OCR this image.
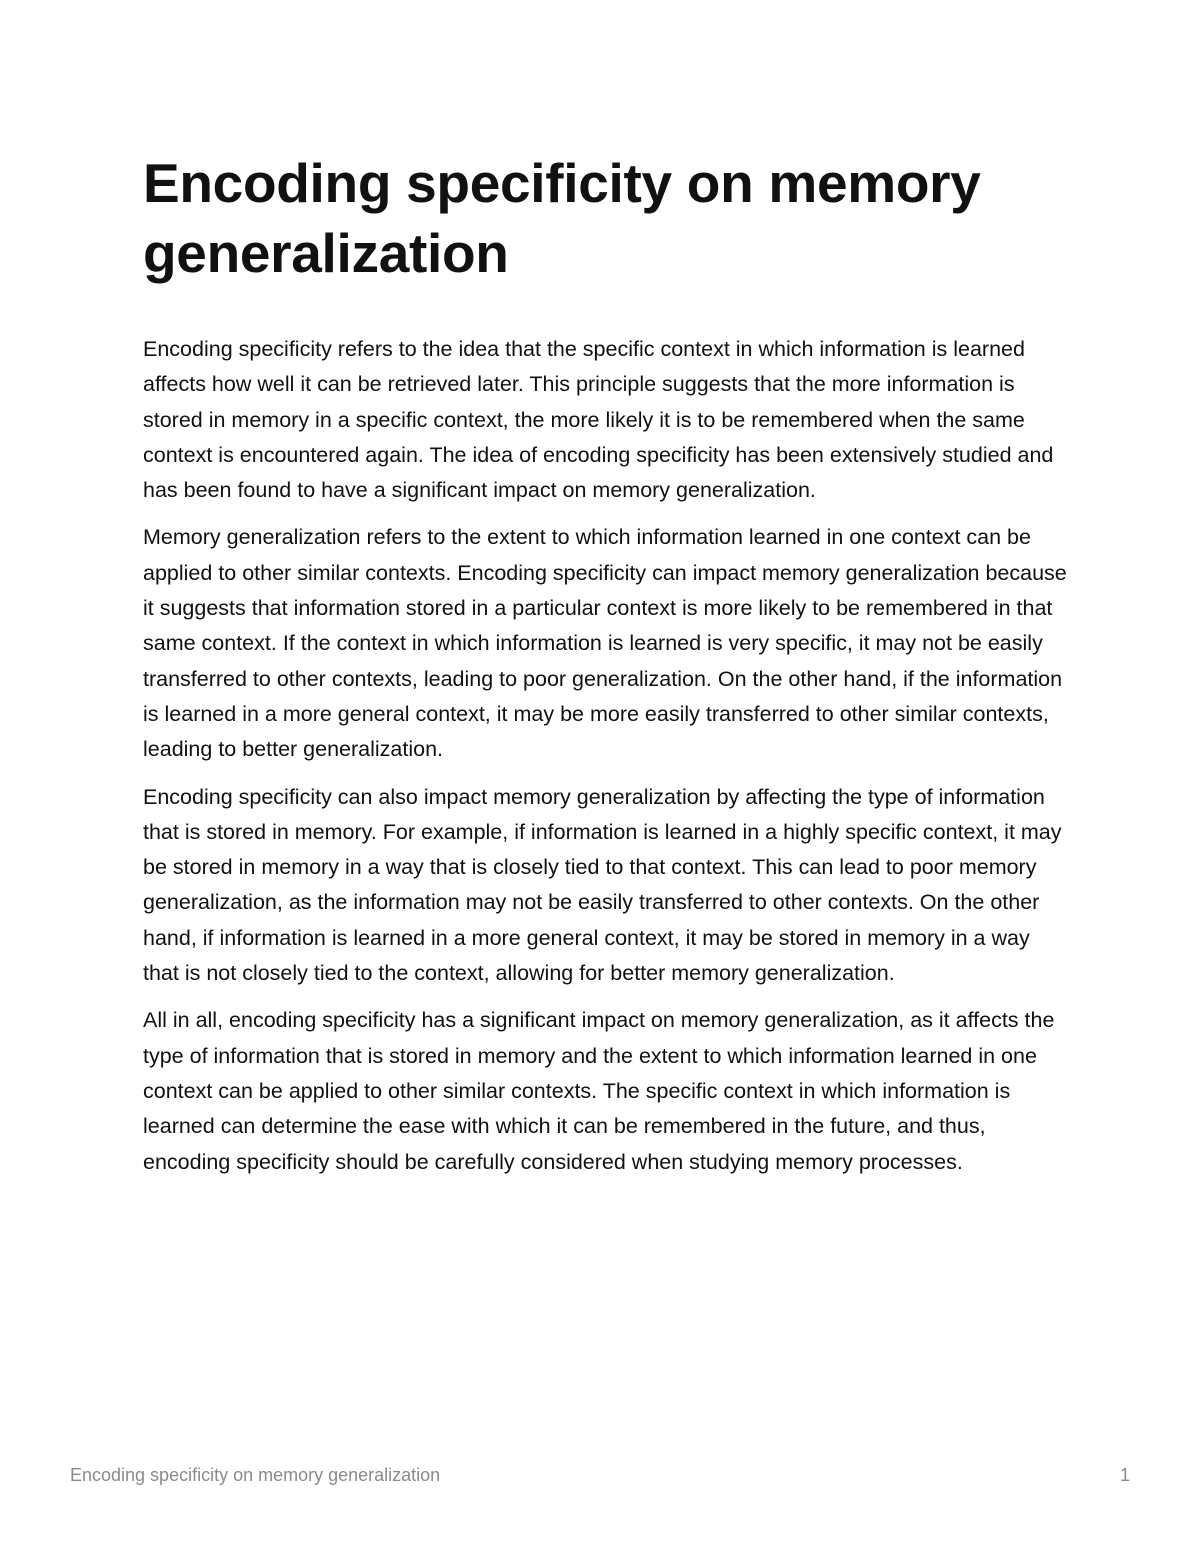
Encoding specificity on memory generalization

Encoding specificity refers to the idea that the specific context in which information is learned affects how well it can be retrieved later. This principle suggests that the more information is stored in memory in a specific context, the more likely it is to be remembered when the same context is encountered again. The idea of encoding specificity has been extensively studied and has been found to have a significant impact on memory generalization.

Memory generalization refers to the extent to which information learned in one context can be applied to other similar contexts. Encoding specificity can impact memory generalization because it suggests that information stored in a particular context is more likely to be remembered in that same context. If the context in which information is learned is very specific, it may not be easily transferred to other contexts, leading to poor generalization. On the other hand, if the information is learned in a more general context, it may be more easily transferred to other similar contexts, leading to better generalization.

Encoding specificity can also impact memory generalization by affecting the type of information that is stored in memory. For example, if information is learned in a highly specific context, it may be stored in memory in a way that is closely tied to that context. This can lead to poor memory generalization, as the information may not be easily transferred to other contexts. On the other hand, if information is learned in a more general context, it may be stored in memory in a way that is not closely tied to the context, allowing for better memory generalization.

All in all, encoding specificity has a significant impact on memory generalization, as it affects the type of information that is stored in memory and the extent to which information learned in one context can be applied to other similar contexts. The specific context in which information is learned can determine the ease with which it can be remembered in the future, and thus, encoding specificity should be carefully considered when studying memory processes.

Encoding specificity on memory generalization	1
